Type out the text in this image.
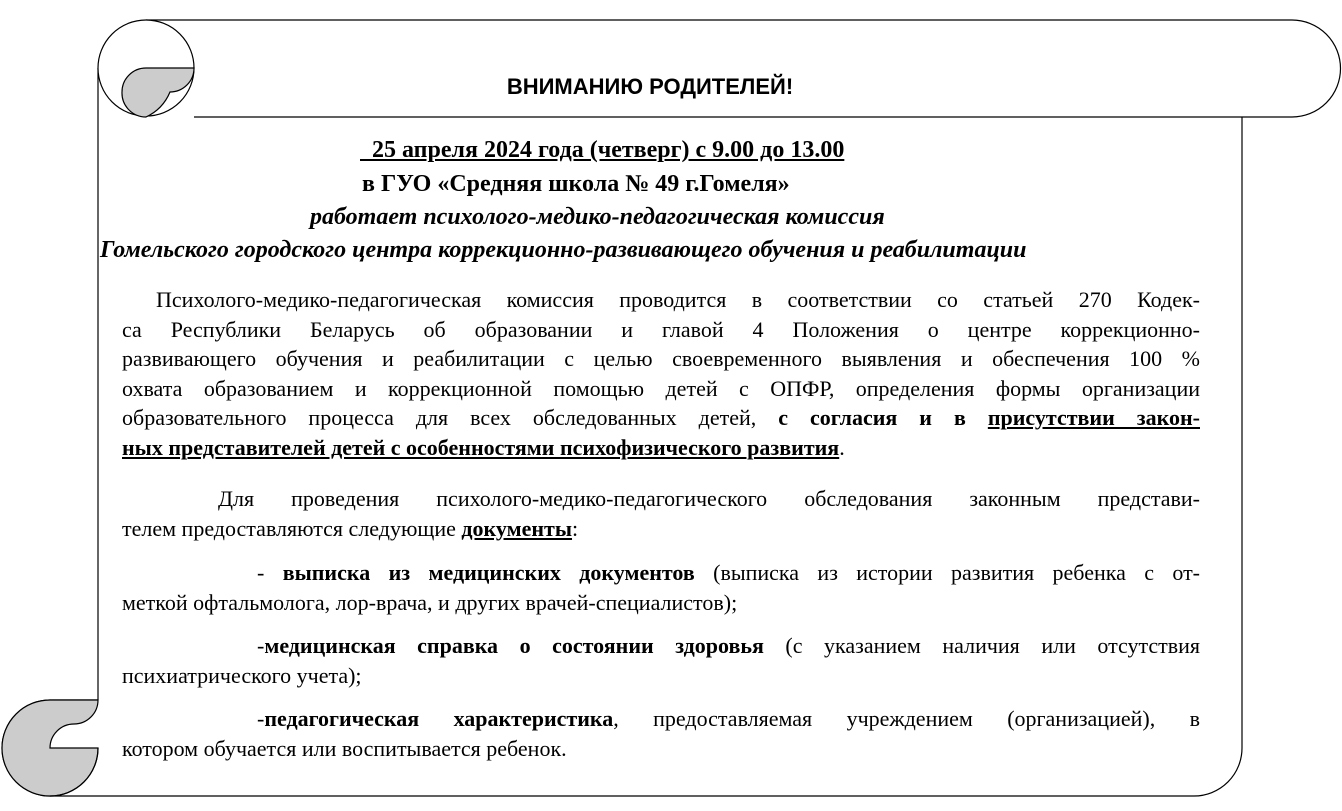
ВНИМАНИЮ РОДИТЕЛЕЙ!
25 апреля 2024 года (четверг) с 9.00 до 13.00
в ГУО «Средняя школа № 49 г.Гомеля»
работает психолого-медико-педагогическая комиссия
Гомельского городского центра коррекционно-развивающего обучения и реабилитации
Психолого-медико-педагогическая комиссия проводится в соответствии со статьей 270 Кодек-
са Республики Беларусь об образовании и главой 4 Положения о центре коррекционно-
развивающего обучения и реабилитации с целью своевременного выявления и обеспечения 100 %
охвата образованием и коррекционной помощью детей с ОПФР, определения формы организации
образовательного процесса для всех обследованных детей, с согласия и в присутствии закон-
ных представителей детей с особенностями психофизического развития.
Для проведения психолого-медико-педагогического обследования законным представи-
телем предоставляются следующие документы:
- выписка из медицинских документов (выписка из истории развития ребенка с от-
меткой офтальмолога, лор-врача, и других врачей-специалистов);
-медицинская справка о состоянии здоровья (с указанием наличия или отсутствия
психиатрического учета);
-педагогическая характеристика, предоставляемая учреждением (организацией), в
котором обучается или воспитывается ребенок.
